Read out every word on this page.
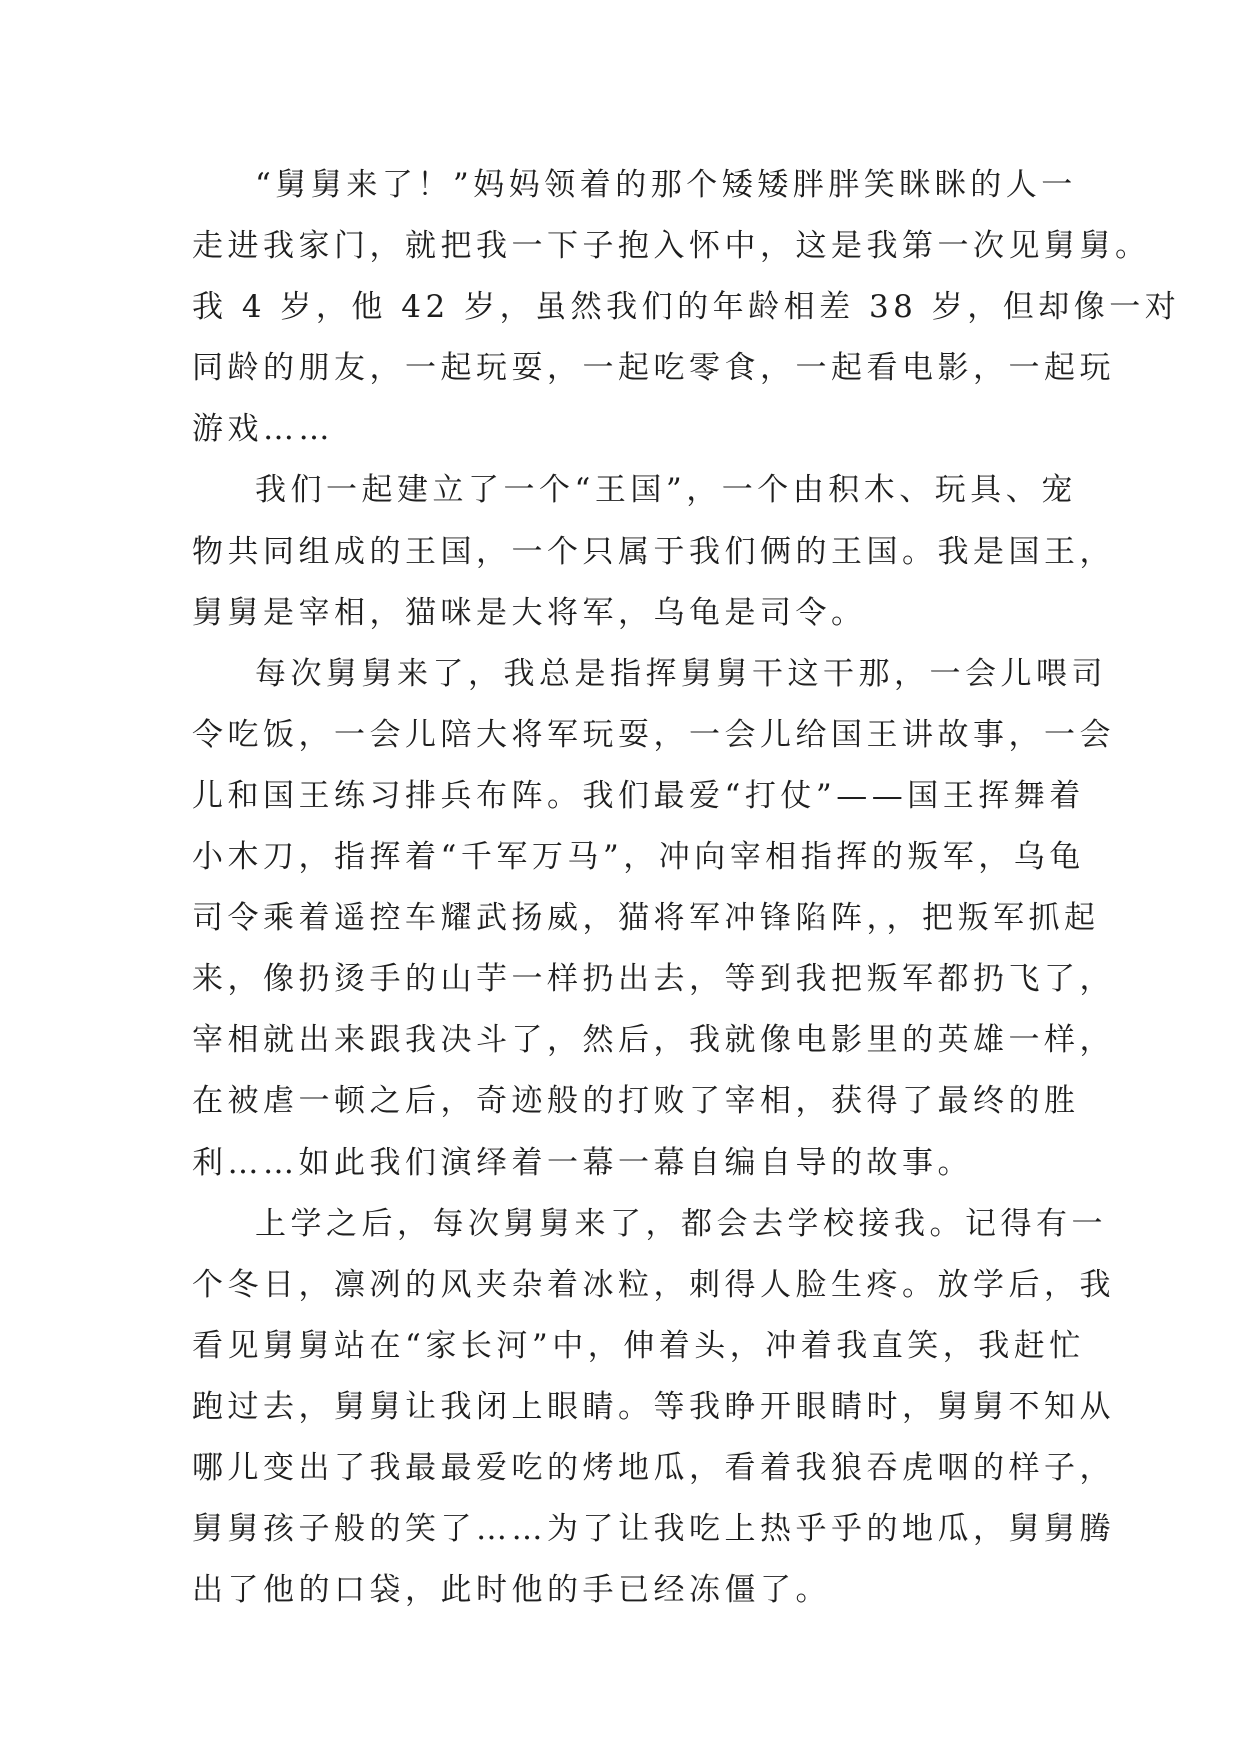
“舅舅来了！”妈妈领着的那个矮矮胖胖笑眯眯的人一
走进我家门，就把我一下子抱入怀中，这是我第一次见舅舅。
我 4 岁，他 42 岁，虽然我们的年龄相差 38 岁，但却像一对
同龄的朋友，一起玩耍，一起吃零食，一起看电影，一起玩
游戏……
我们一起建立了一个“王国”，一个由积木、玩具、宠
物共同组成的王国，一个只属于我们俩的王国。我是国王，
舅舅是宰相，猫咪是大将军，乌龟是司令。
每次舅舅来了，我总是指挥舅舅干这干那，一会儿喂司
令吃饭，一会儿陪大将军玩耍，一会儿给国王讲故事，一会
儿和国王练习排兵布阵。我们最爱“打仗”——国王挥舞着
小木刀，指挥着“千军万马”，冲向宰相指挥的叛军，乌龟
司令乘着遥控车耀武扬威，猫将军冲锋陷阵，，把叛军抓起
来，像扔烫手的山芋一样扔出去，等到我把叛军都扔飞了，
宰相就出来跟我决斗了，然后，我就像电影里的英雄一样，
在被虐一顿之后，奇迹般的打败了宰相，获得了最终的胜
利……如此我们演绎着一幕一幕自编自导的故事。
上学之后，每次舅舅来了，都会去学校接我。记得有一
个冬日，凛冽的风夹杂着冰粒，刺得人脸生疼。放学后，我
看见舅舅站在“家长河”中，伸着头，冲着我直笑，我赶忙
跑过去，舅舅让我闭上眼睛。等我睁开眼睛时，舅舅不知从
哪儿变出了我最最爱吃的烤地瓜，看着我狼吞虎咽的样子，
舅舅孩子般的笑了……为了让我吃上热乎乎的地瓜，舅舅腾
出了他的口袋，此时他的手已经冻僵了。
